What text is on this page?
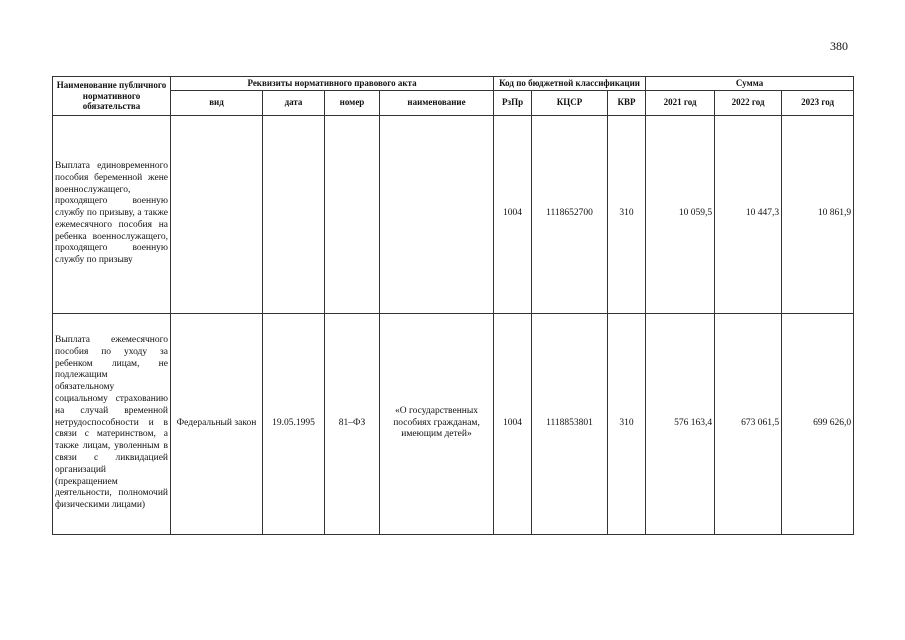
380
Наименование публичного нормативного обязательства	Реквизиты нормативного правового акта				Код по бюджетной классификации			Сумма		
	вид	дата	номер	наименование	РзПр	КЦСР	КВР	2021 год	2022 год	2023 год
Выплата единовременного пособия беременной жене военнослужащего, проходящего военную службу по призыву, а также ежемесячного пособия на ребенка военнослужащего, проходящего военную службу по призыву					1004	1118652700	310	10 059,5	10 447,3	10 861,9
Выплата ежемесячного пособия по уходу за ребенком лицам, не подлежащим обязательному социальному страхованию на случай временной нетрудоспособности и в связи с материнством, а также лицам, уволенным в связи с ликвидацией организаций (прекращением деятельности, полномочий физическими лицами)	Федеральный закон	19.05.1995	81–ФЗ	«О государственных пособиях гражданам, имеющим детей»	1004	1118853801	310	576 163,4	673 061,5	699 626,0
